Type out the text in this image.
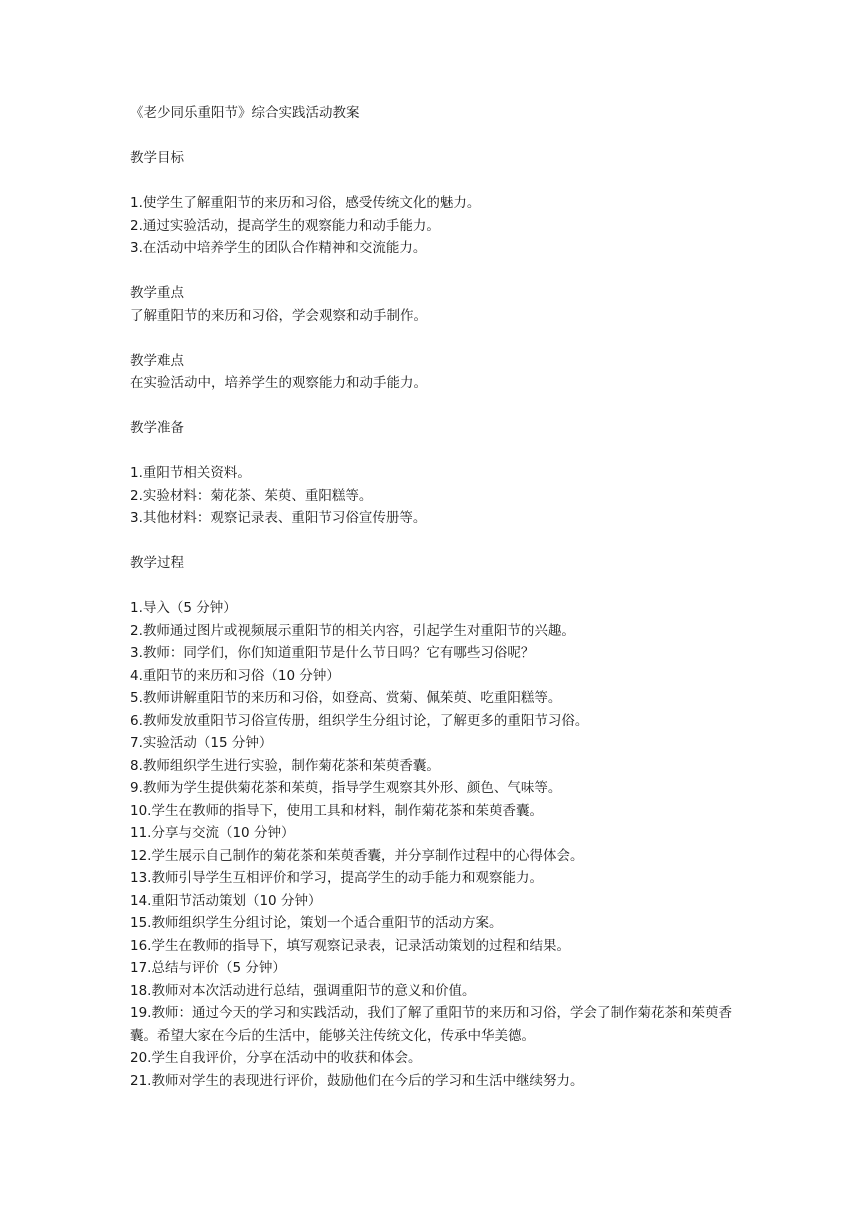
《老少同乐重阳节》综合实践活动教案
教学目标
1.使学生了解重阳节的来历和习俗，感受传统文化的魅力。
2.通过实验活动，提高学生的观察能力和动手能力。
3.在活动中培养学生的团队合作精神和交流能力。
教学重点
了解重阳节的来历和习俗，学会观察和动手制作。
教学难点
在实验活动中，培养学生的观察能力和动手能力。
教学准备
1.重阳节相关资料。
2.实验材料：菊花茶、茱萸、重阳糕等。
3.其他材料：观察记录表、重阳节习俗宣传册等。
教学过程
1.导入（5 分钟）
2.教师通过图片或视频展示重阳节的相关内容，引起学生对重阳节的兴趣。
3.教师：同学们，你们知道重阳节是什么节日吗？它有哪些习俗呢？
4.重阳节的来历和习俗（10 分钟）
5.教师讲解重阳节的来历和习俗，如登高、赏菊、佩茱萸、吃重阳糕等。
6.教师发放重阳节习俗宣传册，组织学生分组讨论，了解更多的重阳节习俗。
7.实验活动（15 分钟）
8.教师组织学生进行实验，制作菊花茶和茱萸香囊。
9.教师为学生提供菊花茶和茱萸，指导学生观察其外形、颜色、气味等。
10.学生在教师的指导下，使用工具和材料，制作菊花茶和茱萸香囊。
11.分享与交流（10 分钟）
12.学生展示自己制作的菊花茶和茱萸香囊，并分享制作过程中的心得体会。
13.教师引导学生互相评价和学习，提高学生的动手能力和观察能力。
14.重阳节活动策划（10 分钟）
15.教师组织学生分组讨论，策划一个适合重阳节的活动方案。
16.学生在教师的指导下，填写观察记录表，记录活动策划的过程和结果。
17.总结与评价（5 分钟）
18.教师对本次活动进行总结，强调重阳节的意义和价值。
19.教师：通过今天的学习和实践活动，我们了解了重阳节的来历和习俗，学会了制作菊花茶和茱萸香囊。希望大家在今后的生活中，能够关注传统文化，传承中华美德。
20.学生自我评价，分享在活动中的收获和体会。
21.教师对学生的表现进行评价，鼓励他们在今后的学习和生活中继续努力。
